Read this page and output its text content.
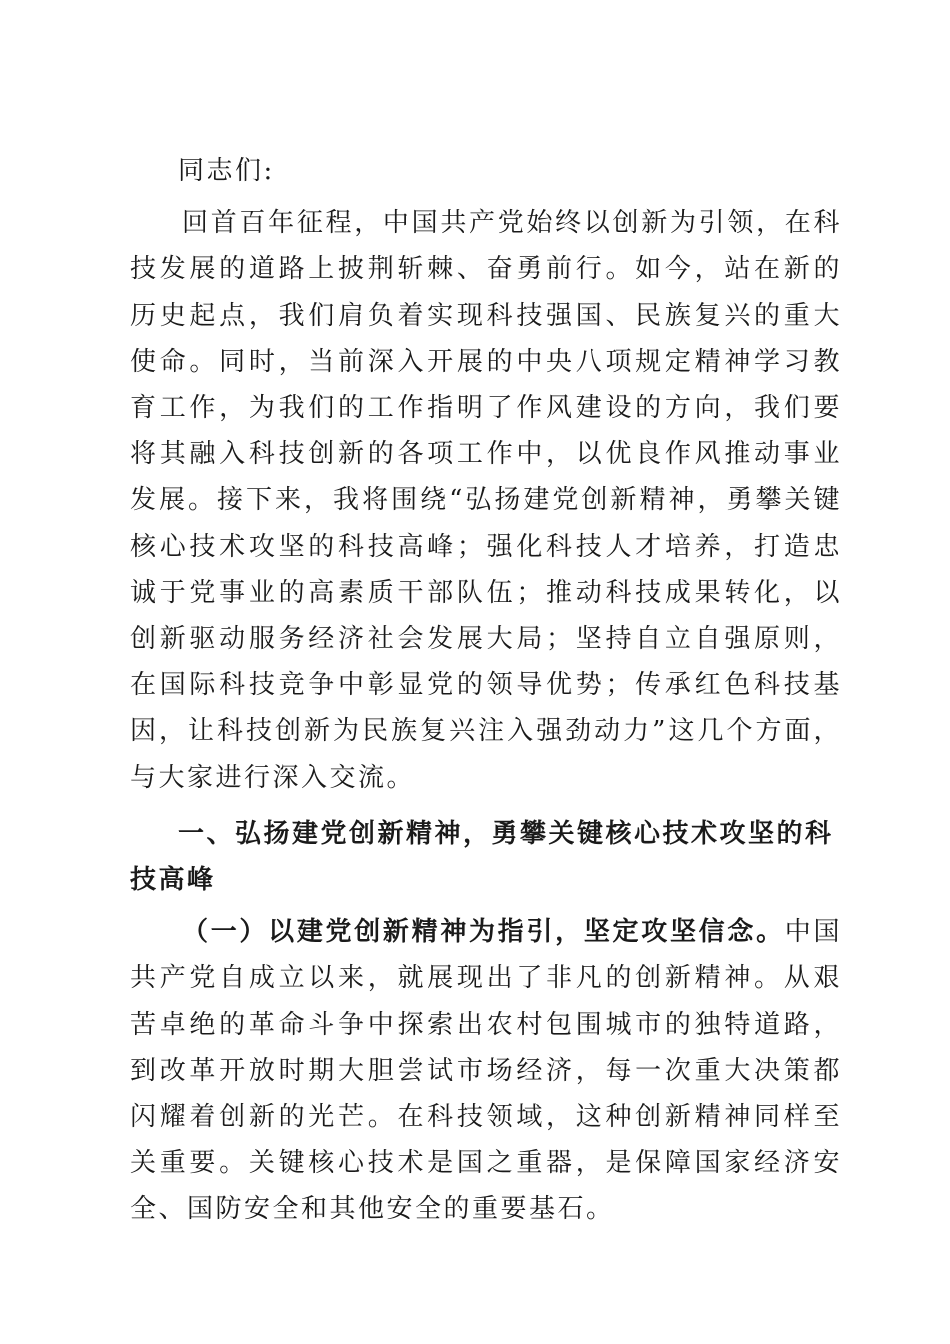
同志们:

回首百年征程，中国共产党始终以创新为引领，在科技发展的道路上披荆斩棘、奋勇前行。如今，站在新的历史起点，我们肩负着实现科技强国、民族复兴的重大使命。同时，当前深入开展的中央八项规定精神学习教育工作，为我们的工作指明了作风建设的方向，我们要将其融入科技创新的各项工作中，以优良作风推动事业发展。接下来，我将围绕“弘扬建党创新精神，勇攀关键核心技术攻坚的科技高峰；强化科技人才培养，打造忠诚于党事业的高素质干部队伍；推动科技成果转化，以创新驱动服务经济社会发展大局；坚持自立自强原则，在国际科技竞争中彰显党的领导优势；传承红色科技基因，让科技创新为民族复兴注入强劲动力”这几个方面，与大家进行深入交流。

一、弘扬建党创新精神，勇攀关键核心技术攻坚的科技高峰

（一）以建党创新精神为指引，坚定攻坚信念。中国共产党自成立以来，就展现出了非凡的创新精神。从艰苦卓绝的革命斗争中探索出农村包围城市的独特道路，到改革开放时期大胆尝试市场经济，每一次重大决策都闪耀着创新的光芒。在科技领域，这种创新精神同样至关重要。关键核心技术是国之重器，是保障国家经济安全、国防安全和其他安全的重要基石。
